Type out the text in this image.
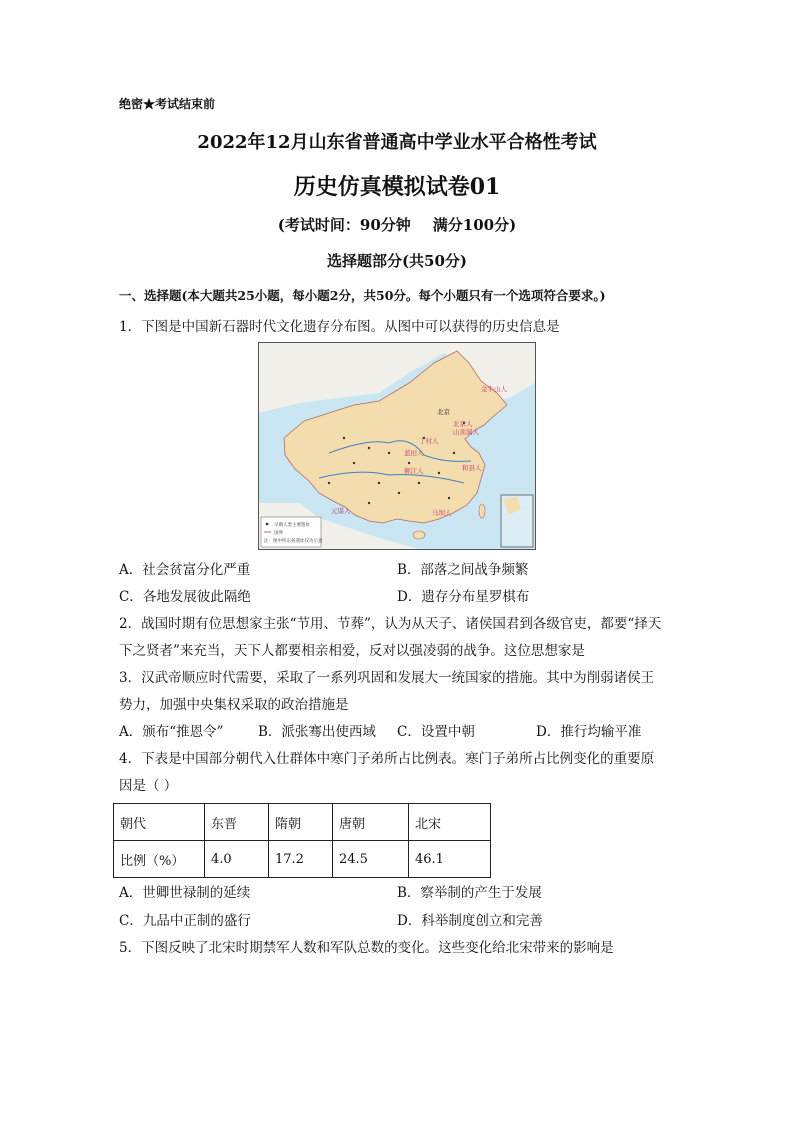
绝密★考试结束前
2022年12月山东省普通高中学业水平合格性考试
历史仿真模拟试卷01
(考试时间：90分钟 满分100分)
选择题部分(共50分)
一、选择题(本大题共25小题，每小题2分，共50分。每个小题只有一个选项符合要求。)
1．下图是中国新石器时代文化遗存分布图。从图中可以获得的历史信息是
北京
北京人
山顶洞人
元谋人
蓝田人
丁村人
马坝人
柳江人	和县人
金牛山人
早期人类主要遗址
国界
注：图中所示各遗址仅为示意
A．社会贫富分化严重	B．部落之间战争频繁
C．各地发展彼此隔绝	D．遗存分布星罗棋布
2．战国时期有位思想家主张“节用、节葬”，认为从天子、诸侯国君到各级官吏，都要“择天
下之贤者”来充当，天下人都要相亲相爱，反对以强凌弱的战争。这位思想家是
3．汉武帝顺应时代需要，采取了一系列巩固和发展大一统国家的措施。其中为削弱诸侯王
势力，加强中央集权采取的政治措施是
A．颁布“推恩令”	B．派张骞出使西域 C．设置中朝	D．推行均输平准
4．下表是中国部分朝代入仕群体中寒门子弟所占比例表。寒门子弟所占比例变化的重要原
因是（ ）
朝代	东晋	隋朝	唐朝	北宋
比例（%）	4.0	17.2	24.5	46.1
A．世卿世禄制的延续	B．察举制的产生于发展
C．九品中正制的盛行	D．科举制度创立和完善
5．下图反映了北宋时期禁军人数和军队总数的变化。这些变化给北宋带来的影响是
